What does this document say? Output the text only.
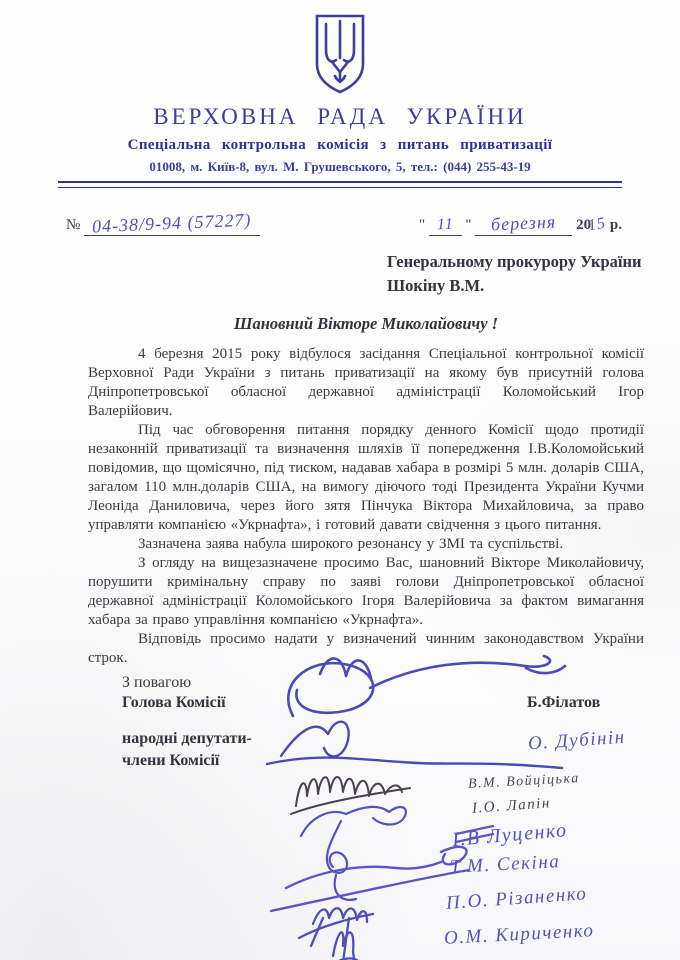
ВЕРХОВНА РАДА УКРАЇНИ
Спеціальна контрольна комісія з питань приватизації
01008, м. Київ-8, вул. М. Грушевського, 5, тел.: (044) 255-43-19
№ 04-38/9-94 (57227)	" 11 " березня 2015 р.
Генеральному прокурору України
Шокіну В.М.
Шановний Вікторе Миколайовичу !

4 березня 2015 року відбулося засідання Спеціальної контрольної комісії Верховної Ради України з питань приватизації на якому був присутній голова Дніпропетровської обласної державної адміністрації Коломойський Ігор Валерійович.

Під час обговорення питання порядку денного Комісії щодо протидії незаконній приватизації та визначення шляхів її попередження І.В.Коломойський повідомив, що щомісячно, під тиском, надавав хабара в розмірі 5 млн. доларів США, загалом 110 млн.доларів США, на вимогу діючого тоді Президента України Кучми Леоніда Даниловича, через його зятя Пінчука Віктора Михайловича, за право управляти компанією «Укрнафта», і готовий давати свідчення з цього питання.

Зазначена заява набула широкого резонансу у ЗМІ та суспільстві.

З огляду на вищезазначене просимо Вас, шановний Вікторе Миколайовичу, порушити кримінальну справу по заяві голови Дніпропетровської обласної державної адміністрації Коломойського Ігоря Валерійовича за фактом вимагання хабара за право управління компанією «Укрнафта».

Відповідь просимо надати у визначений чинним законодавством України строк.

З повагою
Голова Комісії	Б.Філатов
народні депутати-
члени Комісії
О. Дубінін
В.М. Войціцька
І.О. Лапін
І.В Луценко
Т.М. Секіна
П.О. Різаненко
О.М. Кириченко
